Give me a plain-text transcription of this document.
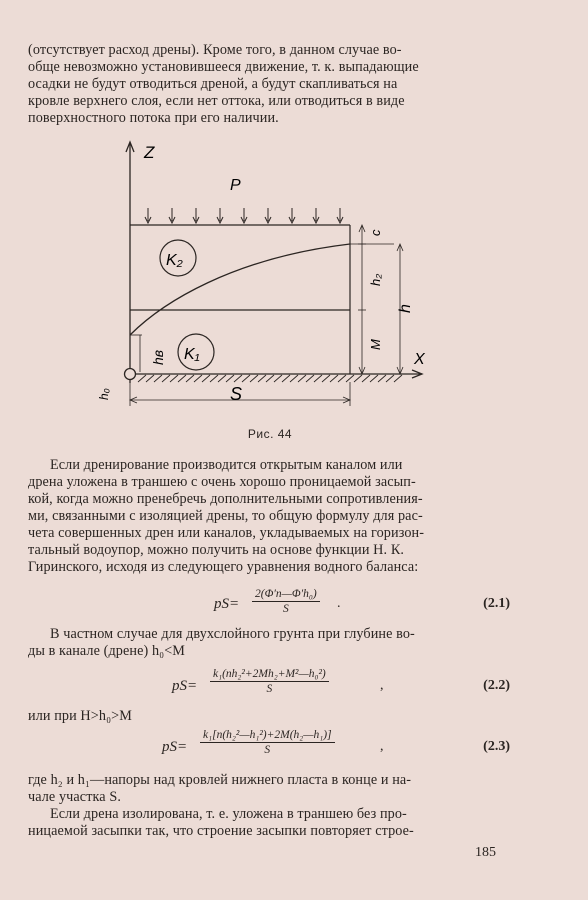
(отсутствует расход дрены). Кроме того, в данном случае во-
обще невозможно установившееся движение, т. к. выпадающие
осадки не будут отводиться дреной, а будут скапливаться на
кровле верхнего слоя, если нет оттока, или отводиться в виде
поверхностного потока при его наличии.
Z
P
K₂
K₁
hв
c
h₂
M
h
X
h₀	S
Рис. 44
Если дренирование производится открытым каналом или
дрена уложена в траншею с очень хорошо проницаемой засып-
кой, когда можно пренебречь дополнительными сопротивления-
ми, связанными с изоляцией дрены, то общую формулу для рас-
чета совершенных дрен или каналов, укладываемых на горизон-
тальный водоупор, можно получить на основе функции Н. К.
Гиринского, исходя из следующего уравнения водного баланса:
pS=
2(Φ′п—Φ′h₀)
S	.	(2.1)
В частном случае для двухслойного грунта при глубине во-
ды в канале (дрене) h₀<M
$pS= \frac{\text{k₁(nh₂²+2Mh₂+M²—h₀²)}}{S}$	,	(2.2)
или при H>h₀>M
$pS= \frac{\text{k₁[n(h₂²—h₁²)+2M(h₂—h₁)]}}{S}$	,	(2.3)
где h₂ и h₁—напоры над кровлей нижнего пласта в конце и на-
чале участка S.
Если дрена изолирована, т. е. уложена в траншею без про-
ницаемой засыпки так, что строение засыпки повторяет строе-
185
